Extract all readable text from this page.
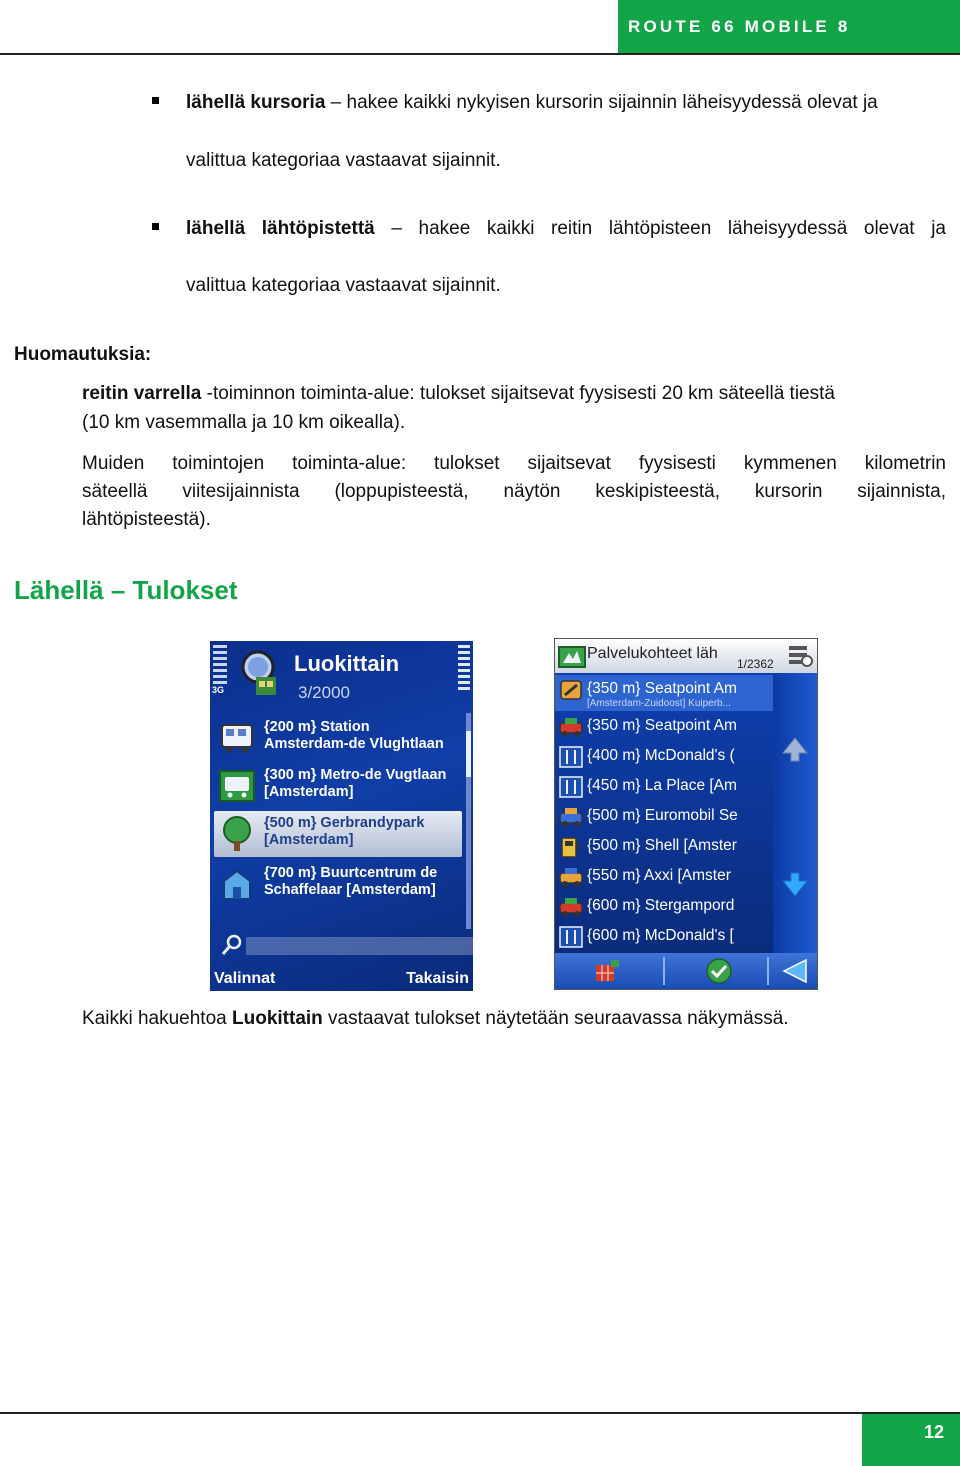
ROUTE 66 MOBILE 8 Käyttöohje
lähellä kursoria – hakee kaikki nykyisen kursorin sijainnin läheisyydessä olevat ja
valittua kategoriaa vastaavat sijainnit.
lähellä lähtöpistettä – hakee kaikki reitin lähtöpisteen läheisyydessä olevat ja
valittua kategoriaa vastaavat sijainnit.
Huomautuksia:
reitin varrella -toiminnon toiminta-alue: tulokset sijaitsevat fyysisesti 20 km säteellä tiestä
(10 km vasemmalla ja 10 km oikealla).
Muiden toimintojen toiminta-alue: tulokset sijaitsevat fyysisesti kymmenen kilometrin
säteellä viitesijainnista (loppupisteestä, näytön keskipisteestä, kursorin sijainnista,
lähtöpisteestä).
Lähellä – Tulokset
3G
Luokittain
3/2000
{200 m} Station
Amsterdam-de Vlughtlaan
{300 m} Metro-de Vugtlaan
[Amsterdam]
{500 m} Gerbrandypark
[Amsterdam]
{700 m} Buurtcentrum de
Schaffelaar [Amsterdam]
Valinnat	Takaisin
Palvelukohteet läh
1/2362
{350 m} Seatpoint Am
[Amsterdam-Zuidoost] Kuiperb...
{350 m} Seatpoint Am
{400 m} McDonald's (
{450 m} La Place [Am
{500 m} Euromobil Se
{500 m} Shell [Amster
{550 m} Axxi [Amster
{600 m} Stergampord
{600 m} McDonald's [
Kaikki hakuehtoa Luokittain vastaavat tulokset näytetään seuraavassa näkymässä.
12
